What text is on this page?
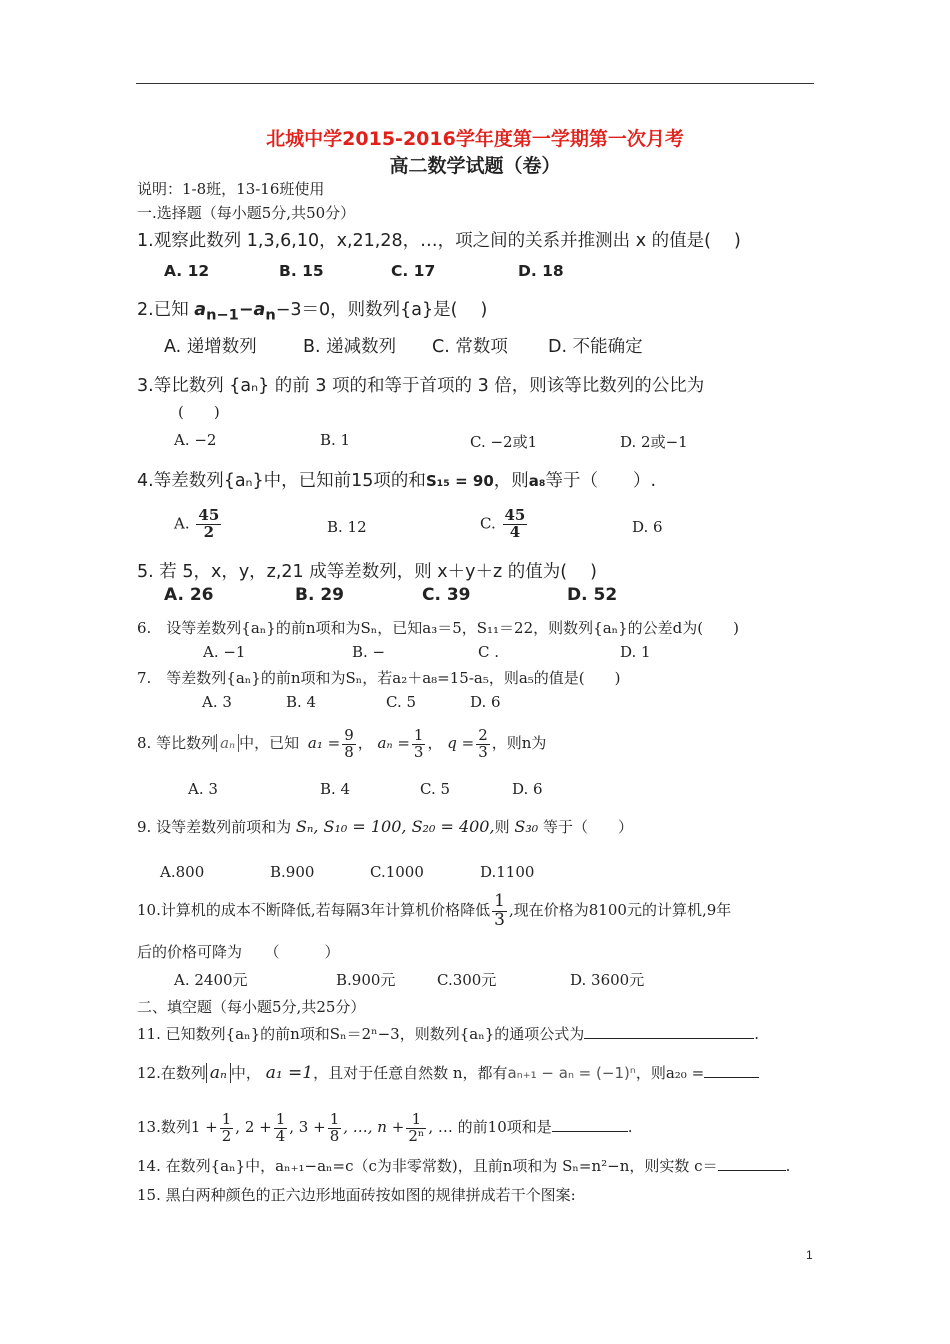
北城中学2015-2016学年度第一学期第一次月考
高二数学试题（卷）
说明：1-8班，13-16班使用
一.选择题（每小题5分,共50分）
1.观察此数列 1,3,6,10，x,21,28，…，项之间的关系并推测出 x 的值是(　 )
A. 12	B. 15	C. 17	D. 18
2.已知 $a_{n-1}-a_n-3=0$，则数列{a}是(　 )
A. 递增数列	B. 递减数列 C. 常数项 D. 不能确定
3.等比数列 {aₙ} 的前 3 项的和等于首项的 3 倍，则该等比数列的公比为
(　　)
A. −2	B. 1	C. −2或1	D. 2或−1
4.等差数列{aₙ}中，已知前15项的和S₁₅ = 90，则a₈等于（　　）.
A. $\frac{45}{2}$	B. 12	C. $\frac{45}{4}$	D. 6
5. 若 5，x，y，z,21 成等差数列，则 x＋y＋z 的值为(　 )
A. 26	B. 29	C. 39	D. 52
6.　设等差数列{aₙ}的前n项和为Sₙ，已知a₃＝5，S₁₁＝22，则数列{aₙ}的公差d为(　　)
A. −1	B. −	C .	D. 1
7.　等差数列{aₙ}的前n项和为Sₙ，若a₂＋a₈=15-a₅，则a₅的值是(　　)
A. 3	B. 4	C. 5	D. 6
8. 等比数列 aₙ 中，已知 $a_1 = \frac{9}{8}$ ， $a_n = \frac{1}{3}$ ， $q = \frac{2}{3}$ ，则n为
A. 3	B. 4	C. 5	D. 6
9. 设等差数列前项和为 Sₙ, S₁₀ = 100, S₂₀ = 400,则 S₃₀ 等于（　　）
A.800	B.900	C.1000	D.1100
10.计算机的成本不断降低,若每隔3年计算机价格降低 $\frac{1}{3}$ ,现在价格为8100元的计算机,9年
后的价格可降为　　（　　　）
A. 2400元	B.900元	C.300元	D. 3600元
二、填空题（每小题5分,共25分）
11. 已知数列{aₙ}的前n项和Sₙ＝2ⁿ−3，则数列{aₙ}的通项公式为	.
12.在数列 aₙ 中， a₁ =1，且对于任意自然数 n，都有aₙ₊₁ − aₙ = (−1)ⁿ，则a₂₀ =
13.数列$1 + \frac{1}{2}$ , $2 + \frac{1}{4}$ , $3 + \frac{1}{8}$ , …, $n + \frac{1}{\text{2ⁿ}}$ , … 的前10项和是	.
14. 在数列{aₙ}中，aₙ₊₁−aₙ=c（c为非零常数)，且前n项和为 Sₙ=n²−n，则实数 c＝	.
15. 黑白两种颜色的正六边形地面砖按如图的规律拼成若干个图案:
1
